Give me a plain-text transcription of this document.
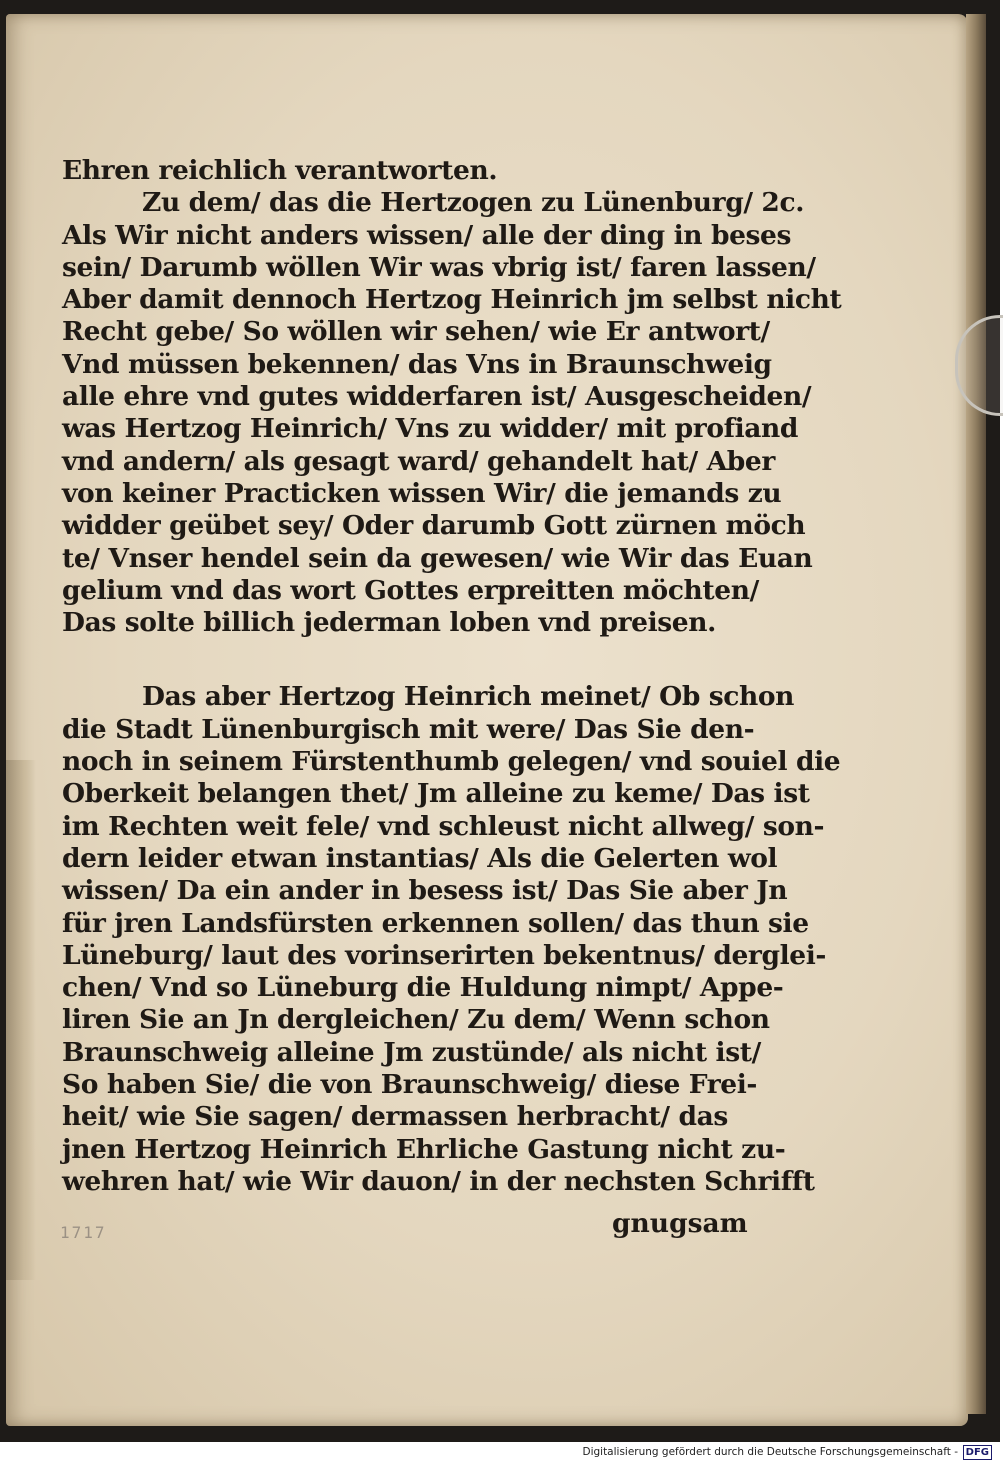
Ehren reichlich verantworten.
Zu dem/ das die Hertzogen zu Lünenburg/ 2c.
Als Wir nicht anders wissen/ alle der ding in beses
sein/ Darumb wöllen Wir was vbrig ist/ faren lassen/
Aber damit dennoch Hertzog Heinrich jm selbst nicht
Recht gebe/ So wöllen wir sehen/ wie Er antwort/
Vnd müssen bekennen/ das Vns in Braunschweig
alle ehre vnd gutes widderfaren ist/ Ausgescheiden/
was Hertzog Heinrich/ Vns zu widder/ mit profiand
vnd andern/ als gesagt ward/ gehandelt hat/ Aber
von keiner Practicken wissen Wir/ die jemands zu
widder geübet sey/ Oder darumb Gott zürnen möch
te/ Vnser hendel sein da gewesen/ wie Wir das Euan
gelium vnd das wort Gottes erpreitten möchten/
Das solte billich jederman loben vnd preisen.
Das aber Hertzog Heinrich meinet/ Ob schon
die Stadt Lünenburgisch mit were/ Das Sie den-
noch in seinem Fürstenthumb gelegen/ vnd souiel die
Oberkeit belangen thet/ Jm alleine zu keme/ Das ist
im Rechten weit fele/ vnd schleust nicht allweg/ son-
dern leider etwan instantias/ Als die Gelerten wol
wissen/ Da ein ander in besess ist/ Das Sie aber Jn
für jren Landsfürsten erkennen sollen/ das thun sie
Lüneburg/ laut des vorinserirten bekentnus/ derglei-
chen/ Vnd so Lüneburg die Huldung nimpt/ Appe-
liren Sie an Jn dergleichen/ Zu dem/ Wenn schon
Braunschweig alleine Jm zustünde/ als nicht ist/
So haben Sie/ die von Braunschweig/ diese Frei-
heit/ wie Sie sagen/ dermassen herbracht/ das
jnen Hertzog Heinrich Ehrliche Gastung nicht zu-
wehren hat/ wie Wir dauon/ in der nechsten Schrifft
1717	gnugsam
Digitalisierung gefördert durch die Deutsche Forschungsgemeinschaft - DFG
